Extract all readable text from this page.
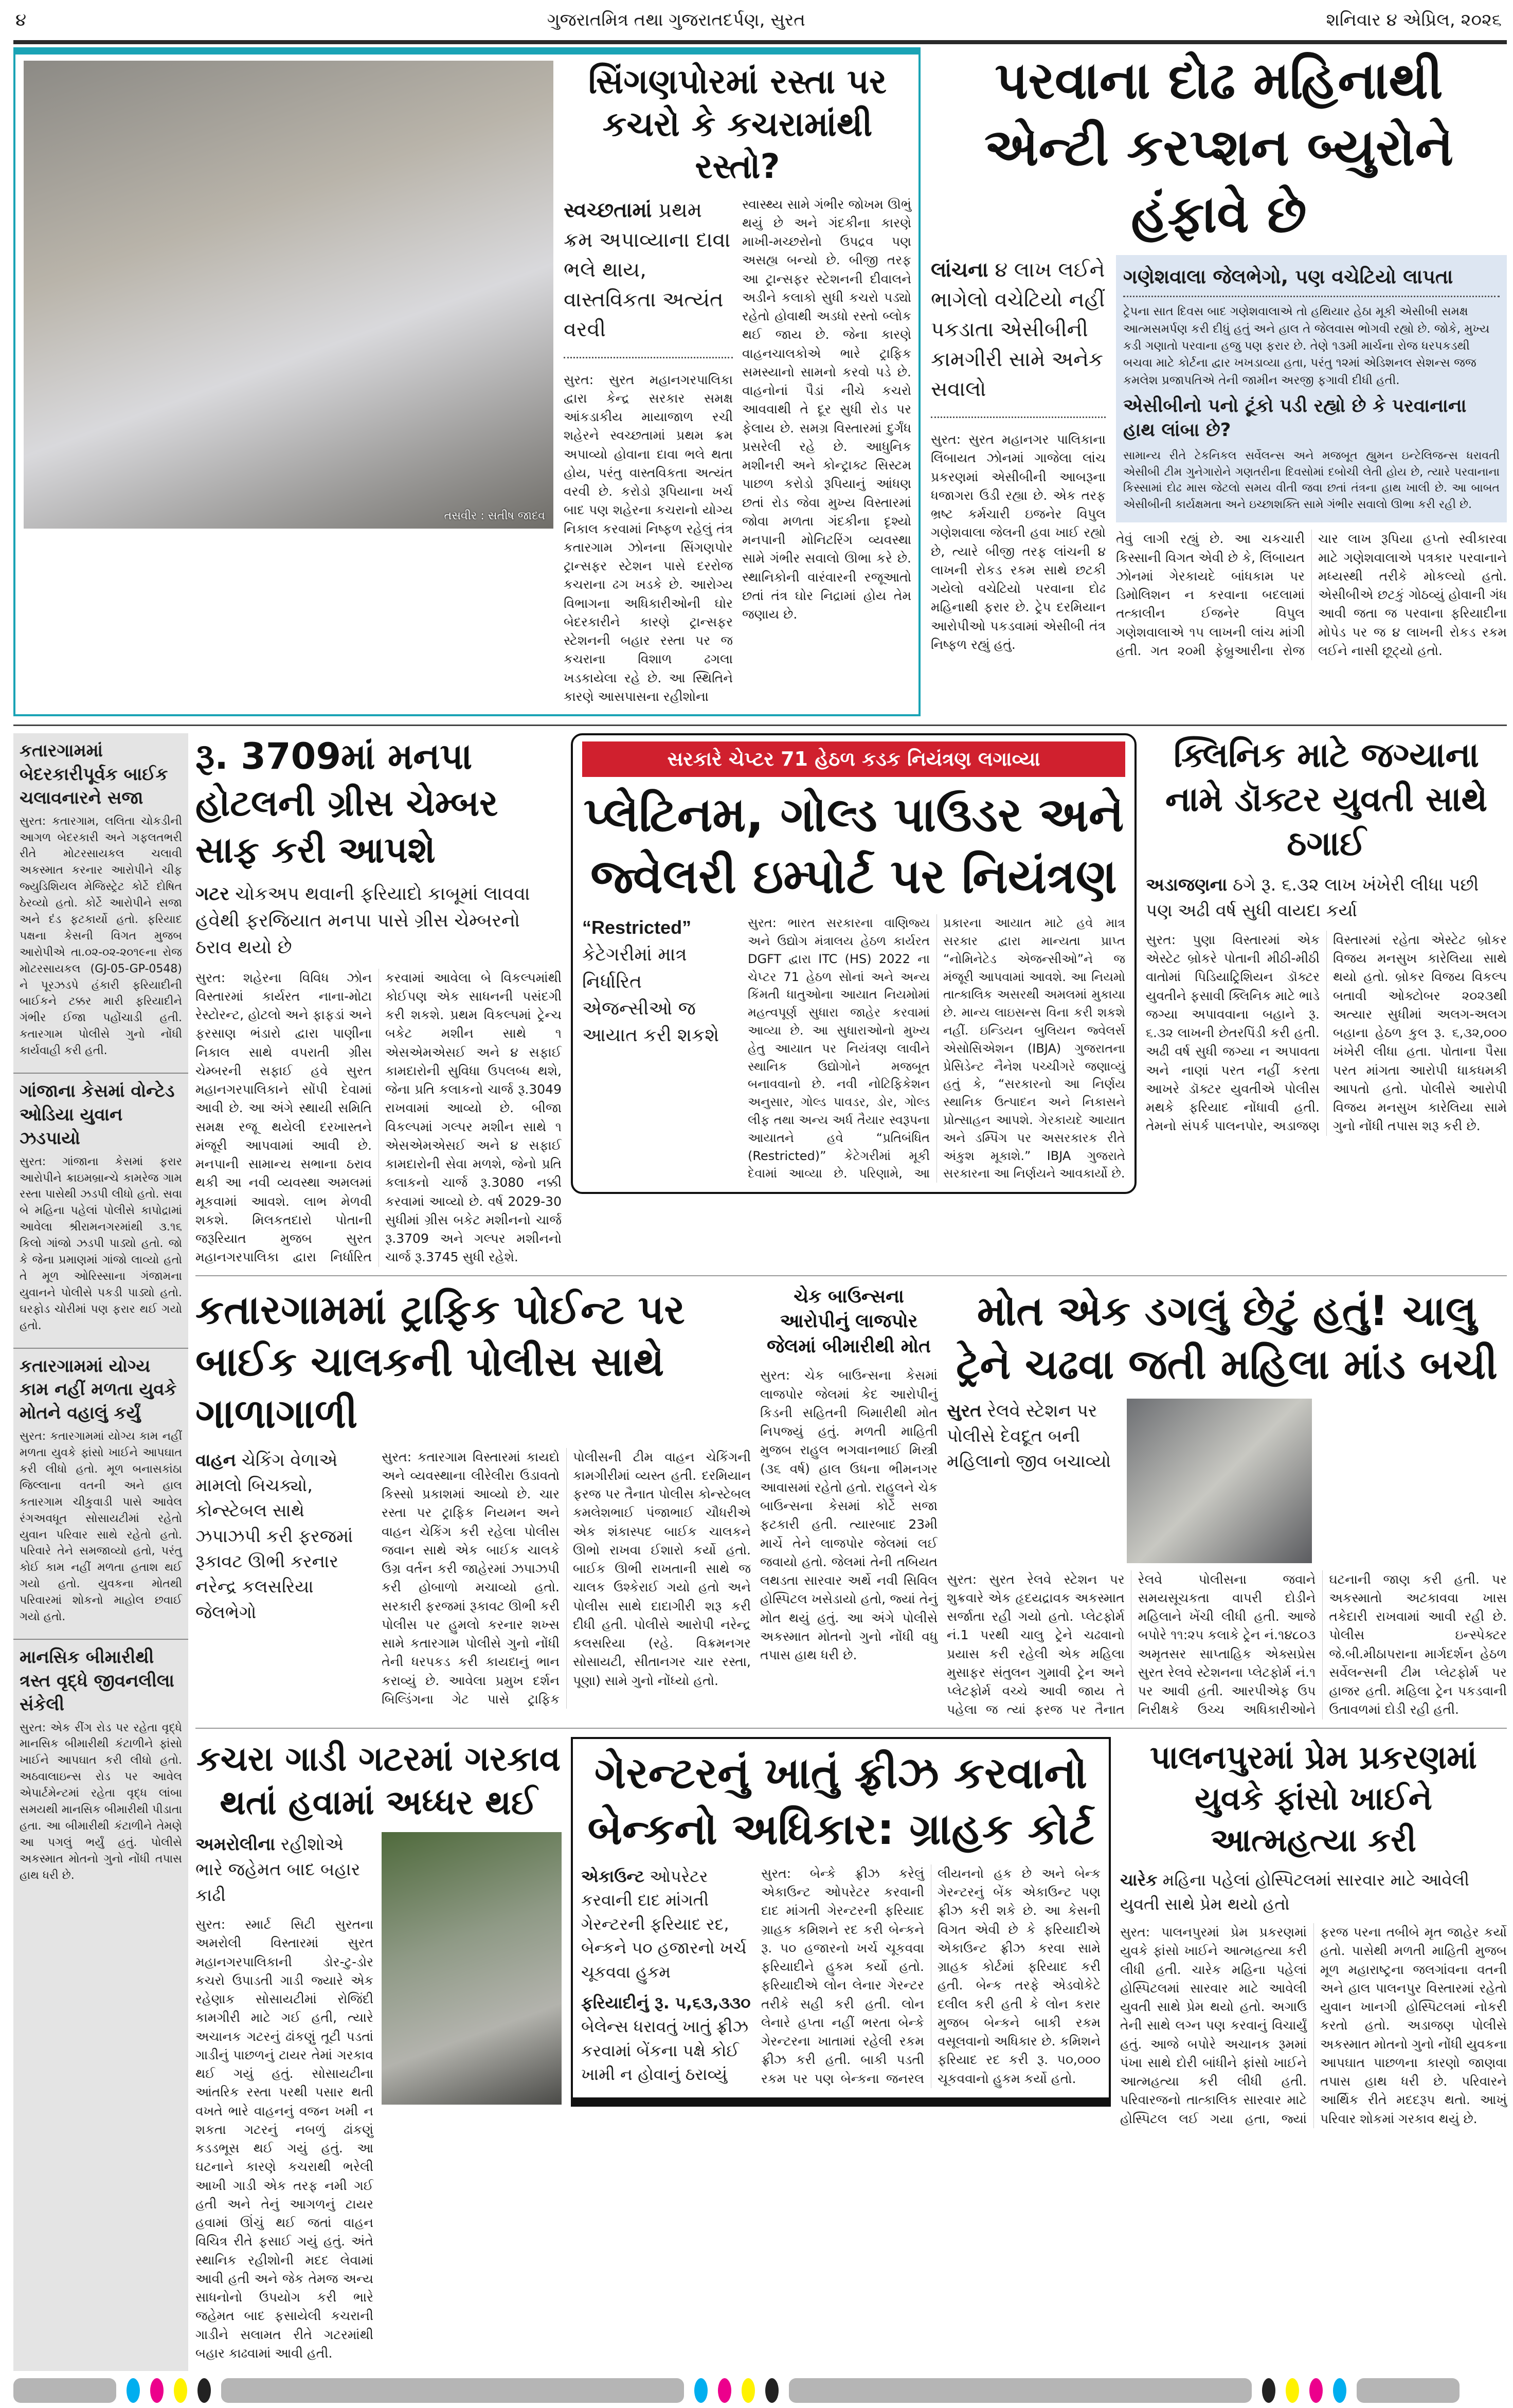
૪	ગુજરાતમિત્ર તથા ગુજરાતદર્પણ, સુરત	શનિવાર ૪ એપ્રિલ, ૨૦૨૬
તસવીર : સતીષ જાદવ
સિંગણપોરમાં રસ્તા પર કચરો કે કચરામાંથી રસ્તો?
સ્વચ્છતામાં પ્રથમ ક્રમ અપાવ્યાના દાવા ભલે થાય, વાસ્તવિકતા અત્યંત વરવી
સુરત: સુરત મહાનગરપાલિકા દ્વારા કેન્દ્ર સરકાર સમક્ષ આંકડાકીય માયાજાળ રચી શહેરને સ્વચ્છતામાં પ્રથમ ક્રમ અપાવ્યો હોવાના દાવા ભલે થતા હોય, પરંતુ વાસ્તવિકતા અત્યંત વરવી છે. કરોડો રૂપિયાના ખર્ચ બાદ પણ શહેરના કચરાનો યોગ્ય નિકાલ કરવામાં નિષ્ફળ રહેલું તંત્ર કતારગામ ઝોનના સિંગણપોર ટ્રાન્સફર સ્ટેશન પાસે દરરોજ કચરાના ઢગ ખડકે છે. આરોગ્ય વિભાગના અધિકારીઓની ઘોર બેદરકારીને કારણે ટ્રાન્સફર સ્ટેશનની બહાર રસ્તા પર જ કચરાના વિશાળ ઢગલા ખડકાયેલા રહે છે. આ સ્થિતિને કારણે આસપાસના રહીશોના
સ્વાસ્થ્ય સામે ગંભીર જોખમ ઊભું થયું છે અને ગંદકીના કારણે માખી-મચ્છરોનો ઉપદ્રવ પણ અસહ્ય બન્યો છે. બીજી તરફ આ ટ્રાન્સફર સ્ટેશનની દીવાલને અડીને કલાકો સુધી કચરો પડ્યો રહેતો હોવાથી અડધો રસ્તો બ્લોક થઈ જાય છે. જેના કારણે વાહનચાલકોએ ભારે ટ્રાફિક સમસ્યાનો સામનો કરવો પડે છે. વાહનોનાં પૈડાં નીચે કચરો આવવાથી તે દૂર સુધી રોડ પર ફેલાય છે. સમગ્ર વિસ્તારમાં દુર્ગંધ પ્રસરેલી રહે છે. આધુનિક મશીનરી અને કોન્ટ્રાક્ટ સિસ્ટમ પાછળ કરોડો રૂપિયાનું આંધણ છતાં રોડ જેવા મુખ્ય વિસ્તારમાં જોવા મળતા ગંદકીના દૃશ્યો મનપાની મોનિટરિંગ વ્યવસ્થા સામે ગંભીર સવાલો ઊભા કરે છે. સ્થાનિકોની વારંવારની રજૂઆતો છતાં તંત્ર ઘોર નિદ્રામાં હોય તેમ જણાય છે.
પરવાના દોઢ મહિનાથી એન્ટી કરપ્શન બ્યુરોને હંફાવે છે
લાંચના ૪ લાખ લઈને ભાગેલો વચેટિયો નહીં પકડાતા એસીબીની કામગીરી સામે અનેક સવાલો
સુરત: સુરત મહાનગર પાલિકાના લિંબાયત ઝોનમાં ગાજેલા લાંચ પ્રકરણમાં એસીબીની આબરૂના ધજાગરા ઉડી રહ્યા છે. એક તરફ ભ્રષ્ટ કર્મચારી ઇજનેર વિપુલ ગણેશવાલા જેલની હવા ખાઈ રહ્યો છે, ત્યારે બીજી તરફ લાંચની ૪ લાખની રોકડ રકમ સાથે છટકી ગયેલો વચેટિયો પરવાના દોઢ મહિનાથી ફરાર છે. ટ્રેપ દરમિયાન આરોપીઓ પકડવામાં એસીબી તંત્ર નિષ્ફળ રહ્યું હતું.
ગણેશવાલા જેલભેગો, પણ વચેટિયો લાપતા
ટ્રેપના સાત દિવસ બાદ ગણેશવાલાએ તો હથિયાર હેઠા મૂકી એસીબી સમક્ષ આત્મસમર્પણ કરી દીધું હતું અને હાલ તે જેલવાસ ભોગવી રહ્યો છે. જોકે, મુખ્ય કડી ગણાતો પરવાના હજુ પણ ફરાર છે. તેણે ૧૩મી માર્ચના રોજ ધરપકડથી બચવા માટે કોર્ટના દ્વાર ખખડાવ્યા હતા, પરંતુ ૧૨માં એડિશનલ સેશન્સ જજ કમલેશ પ્રજાપતિએ તેની જામીન અરજી ફગાવી દીધી હતી.
એસીબીનો પનો ટૂંકો પડી રહ્યો છે કે પરવાનાના હાથ લાંબા છે?
સામાન્ય રીતે ટેકનિકલ સર્વેલન્સ અને મજબૂત હ્યુમન ઇન્ટેલિજન્સ ધરાવતી એસીબી ટીમ ગુનેગારોને ગણતરીના દિવસોમાં દબોચી લેતી હોય છે, ત્યારે પરવાનાના કિસ્સામાં દોઢ માસ જેટલો સમય વીતી જવા છતાં તંત્રના હાથ ખાલી છે. આ બાબત એસીબીની કાર્યક્ષમતા અને ઇચ્છાશક્તિ સામે ગંભીર સવાલો ઊભા કરી રહી છે.
તેવું લાગી રહ્યું છે. આ ચકચારી કિસ્સાની વિગત એવી છે કે, લિંબાયત ઝોનમાં ગેરકાયદે બાંધકામ પર ડિમોલિશન ન કરવાના બદલામાં તત્કાલીન ઈજનેર વિપુલ ગણેશવાલાએ ૧૫ લાખની લાંચ માંગી હતી. ગત ૨૦મી ફેબ્રુઆરીના રોજ ચાર લાખ રૂપિયા હપ્તો સ્વીકારવા માટે ગણેશવાલાએ પત્રકાર પરવાનાને મધ્યસ્થી તરીકે મોકલ્યો હતો. એસીબીએ છટકું ગોઠવ્યું હોવાની ગંધ આવી જતા જ પરવાના ફરિયાદીના મોપેડ પર જ ૪ લાખની રોકડ રકમ લઈને નાસી છૂટ્યો હતો.
કતારગામમાં બેદરકારીપૂર્વક બાઈક ચલાવનારને સજા
સુરત: કતારગામ, લલિતા ચોકડીની આગળ બેદરકારી અને ગફલતભરી રીતે મોટરસાયકલ ચલાવી અકસ્માત કરનાર આરોપીને ચીફ જ્યુડિશિયલ મેજિસ્ટ્રેટ કોર્ટે દોષિત ઠેરવ્યો હતો. કોર્ટે આરોપીને સજા અને દંડ ફટકાર્યો હતો. ફરિયાદ પક્ષના કેસની વિગત મુજબ આરોપીએ તા.૦૨-૦૨-૨૦૧૯ના રોજ મોટરસાયકલ (GJ-05-GP-0548) ને પૂરઝડપે હંકારી ફરિયાદીની બાઈકને ટક્કર મારી ફરિયાદીને ગંભીર ઈજા પહોંચાડી હતી. કતારગામ પોલીસે ગુનો નોંધી કાર્યવાહી કરી હતી.
ગાંજાના કેસમાં વોન્ટેડ ઓડિયા યુવાન ઝડપાયો
સુરત: ગાંજાના કેસમાં ફરાર આરોપીને ક્રાઇમબ્રાન્ચે કામરેજ ગામ રસ્તા પાસેથી ઝડપી લીધો હતો. સવા બે મહિના પહેલાં પોલીસે કાપોદ્રામાં આવેલા શ્રીરામનગરમાંથી ૩.૧૬ કિલો ગાંજો ઝડપી પાડ્યો હતો. જો કે જેના પ્રમાણમાં ગાંજો લાવ્યો હતો તે મૂળ ઓરિસ્સાના ગંજામના યુવાનને પોલીસે પકડી પાડ્યો હતો. ઘરફોડ ચોરીમાં પણ ફરાર થઈ ગયો હતો.
કતારગામમાં યોગ્ય કામ નહીં મળતા યુવકે મોતને વહાલું કર્યું
સુરત: કતારગામમાં યોગ્ય કામ નહીં મળતા યુવકે ફાંસો ખાઈને આપઘાત કરી લીધો હતો. મૂળ બનાસકાંઠા જિલ્લાના વતની અને હાલ કતારગામ ચીકુવાડી પાસે આવેલ રંગઅવધૂત સોસાયટીમાં રહેતો યુવાન પરિવાર સાથે રહેતો હતો. પરિવારે તેને સમજાવ્યો હતો, પરંતુ કોઈ કામ નહીં મળતા હતાશ થઈ ગયો હતો. યુવકના મોતથી પરિવારમાં શોકનો માહોલ છવાઈ ગયો હતો.
માનસિક બીમારીથી ત્રસ્ત વૃદ્ધે જીવનલીલા સંકેલી
સુરત: એક રીંગ રોડ પર રહેતા વૃદ્ધે માનસિક બીમારીથી કંટાળીને ફાંસો ખાઈને આપઘાત કરી લીધો હતો. અઠવાલાઇન્સ રોડ પર આવેલ એપાર્ટમેન્ટમાં રહેતા વૃદ્ધ લાંબા સમયથી માનસિક બીમારીથી પીડાતા હતા. આ બીમારીથી કંટાળીને તેમણે આ પગલું ભર્યું હતું. પોલીસે અકસ્માત મોતનો ગુનો નોંધી તપાસ હાથ ધરી છે.
રૂ. 3709માં મનપા હોટલની ગ્રીસ ચેમ્બર સાફ કરી આપશે
ગટર ચોકઅપ થવાની ફરિયાદો કાબૂમાં લાવવા હવેથી ફરજિયાત મનપા પાસે ગ્રીસ ચેમ્બરનો ઠરાવ થયો છે
સુરત: શહેરના વિવિધ ઝોન વિસ્તારમાં કાર્યરત નાના-મોટા રેસ્ટોરન્ટ, હોટલો અને ફાફડાં અને ફરસાણ ભંડારો દ્વારા પાણીના નિકાલ સાથે વપરાતી ગ્રીસ ચેમ્બરની સફાઈ હવે સુરત મહાનગરપાલિકાને સોંપી દેવામાં આવી છે. આ અંગે સ્થાયી સમિતિ સમક્ષ રજૂ થયેલી દરખાસ્તને મંજૂરી આપવામાં આવી છે. મનપાની સામાન્ય સભાના ઠરાવ થકી આ નવી વ્યવસ્થા અમલમાં મૂકવામાં આવશે. લાભ મેળવી શકશે. મિલકતદારો પોતાની જરૂરિયાત મુજબ સુરત મહાનગરપાલિકા દ્વારા નિર્ધારિત કરવામાં આવેલા બે વિકલ્પમાંથી કોઈપણ એક સાધનની પસંદગી કરી શકશે. પ્રથમ વિકલ્પમાં ટ્રેન્ચ બકેટ મશીન સાથે ૧ એસએમએસઈ અને ૪ સફાઈ કામદારોની સુવિધા ઉપલબ્ધ થશે, જેના પ્રતિ કલાકનો ચાર્જ રૂ.3049 રાખવામાં આવ્યો છે. બીજા વિકલ્પમાં ગલ્પર મશીન સાથે ૧ એસએમએસઈ અને ૪ સફાઈ કામદારોની સેવા મળશે, જેનો પ્રતિ કલાકનો ચાર્જ રૂ.3080 નક્કી કરવામાં આવ્યો છે. વર્ષ 2029-30 સુધીમાં ગ્રીસ બકેટ મશીનનો ચાર્જ રૂ.3709 અને ગલ્પર મશીનનો ચાર્જ રૂ.3745 સુધી રહેશે.
સરકારે ચેપ્ટર 71 હેઠળ કડક નિયંત્રણ લગાવ્યા
પ્લેટિનમ, ગોલ્ડ પાઉડર અને જ્વેલરી ઇમ્પોર્ટ પર નિયંત્રણ
“Restricted”
કેટેગરીમાં માત્ર નિર્ધારિત એજન્સીઓ જ આયાત કરી શકશે
સુરત: ભારત સરકારના વાણિજ્ય અને ઉદ્યોગ મંત્રાલય હેઠળ કાર્યરત DGFT દ્વારા ITC (HS) 2022 ના ચેપ્ટર 71 હેઠળ સોનાં અને અન્ય કિંમતી ધાતુઓના આયાત નિયમોમાં મહત્વપૂર્ણ સુધારા જાહેર કરવામાં આવ્યા છે. આ સુધારાઓનો મુખ્ય હેતુ આયાત પર નિયંત્રણ લાવીને સ્થાનિક ઉદ્યોગોને મજબૂત બનાવવાનો છે. નવી નોટિફિકેશન અનુસાર, ગોલ્ડ પાવડર, ડોર, ગોલ્ડ લીફ તથા અન્ય અર્ધ તૈયાર સ્વરૂપના આયાતને હવે “પ્રતિબંધિત (Restricted)” કેટેગરીમાં મૂકી દેવામાં આવ્યા છે. પરિણામે, આ પ્રકારના આયાત માટે હવે માત્ર સરકાર દ્વારા માન્યતા પ્રાપ્ત “નોમિનેટેડ એજન્સીઓ”ને જ મંજૂરી આપવામાં આવશે. આ નિયમો તાત્કાલિક અસરથી અમલમાં મુકાયા છે. માન્ય લાઇસન્સ વિના કરી શકશે નહીં. ઇન્ડિયન બુલિયન જ્વેલર્સ એસોસિએશન (IBJA) ગુજરાતના પ્રેસિડેન્ટ નૈનેશ પચ્ચીગરે જણાવ્યું હતું કે, “સરકારનો આ નિર્ણય સ્થાનિક ઉત્પાદન અને નિકાસને પ્રોત્સાહન આપશે. ગેરકાયદે આયાત અને ડમ્પિંગ પર અસરકારક રીતે અંકુશ મૂકાશે.” IBJA ગુજરાતે સરકારના આ નિર્ણયને આવકાર્યો છે.
ક્લિનિક માટે જગ્યાના નામે ડૉક્ટર યુવતી સાથે ઠગાઈ
અડાજણના ઠગે રૂ. ૬.૩૨ લાખ ખંખેરી લીધા પછી પણ અઢી વર્ષ સુધી વાયદા કર્યા
સુરત: પુણા વિસ્તારમાં એક એસ્ટેટ બ્રોકરે પોતાની મીઠી-મીઠી વાતોમાં પિડિયાટ્રિશિયન ડૉક્ટર યુવતીને ફસાવી ક્લિનિક માટે ભાડે જગ્યા અપાવવાના બહાને રૂ. ૬.૩૨ લાખની છેતરપિંડી કરી હતી. અઢી વર્ષ સુધી જગ્યા ન અપાવતા અને નાણાં પરત નહીં કરતા આખરે ડૉક્ટર યુવતીએ પોલીસ મથકે ફરિયાદ નોંધાવી હતી. તેમનો સંપર્ક પાલનપોર, અડાજણ વિસ્તારમાં રહેતા એસ્ટેટ બ્રોકર વિજય મનસુખ કારેલિયા સાથે થયો હતો. બ્રોકર વિજય વિકલ્પ બતાવી ઓક્ટોબર ૨૦૨૩થી અત્યાર સુધીમાં અલગ-અલગ બહાના હેઠળ કુલ રૂ. ૬,૩૨,૦૦૦ ખંખેરી લીધા હતા. પોતાના પૈસા પરત માંગતા આરોપી ધાકધમકી આપતો હતો. પોલીસે આરોપી વિજય મનસુખ કારેલિયા સામે ગુનો નોંધી તપાસ શરૂ કરી છે.
કતારગામમાં ટ્રાફિક પોઈન્ટ પર બાઈક ચાલકની પોલીસ સાથે ગાળાગાળી
વાહન ચેકિંગ વેળાએ મામલો બિચક્યો, કોન્સ્ટેબલ સાથે ઝપાઝપી કરી ફરજમાં રૂકાવટ ઊભી કરનાર નરેન્દ્ર કલસરિયા જેલભેગો
સુરત: કતારગામ વિસ્તારમાં કાયદો અને વ્યવસ્થાના લીરેલીરા ઉડાવતો કિસ્સો પ્રકાશમાં આવ્યો છે. ચાર રસ્તા પર ટ્રાફિક નિયમન અને વાહન ચેકિંગ કરી રહેલા પોલીસ જવાન સાથે એક બાઈક ચાલકે ઉગ્ર વર્તન કરી જાહેરમાં ઝપાઝપી કરી હોબાળો મચાવ્યો હતો. સરકારી ફરજમાં રૂકાવટ ઊભી કરી પોલીસ પર હુમલો કરનાર શખ્સ સામે કતારગામ પોલીસે ગુનો નોંધી તેની ધરપકડ કરી કાયદાનું ભાન કરાવ્યું છે. આવેલા પ્રમુખ દર્શન બિલ્ડિંગના ગેટ પાસે ટ્રાફિક પોલીસની ટીમ વાહન ચેકિંગની કામગીરીમાં વ્યસ્ત હતી. દરમિયાન ફરજ પર તૈનાત પોલીસ કોન્સ્ટેબલ કમલેશભાઈ પંજાભાઈ ચૌધરીએ એક શંકાસ્પદ બાઈક ચાલકને ઊભો રાખવા ઈશારો કર્યો હતો. બાઈક ઊભી રાખતાની સાથે જ ચાલક ઉશ્કેરાઈ ગયો હતો અને પોલીસ સાથે દાદાગીરી શરૂ કરી દીધી હતી. પોલીસે આરોપી નરેન્દ્ર કલસરિયા (રહે. વિક્રમનગર સોસાયટી, સીતાનગર ચાર રસ્તા, પૂણા) સામે ગુનો નોંધ્યો હતો.
ચેક બાઉન્સના આરોપીનું લાજપોર જેલમાં બીમારીથી મોત
સુરત: ચેક બાઉન્સના કેસમાં લાજપોર જેલમાં કેદ આરોપીનું કિડની સહિતની બિમારીથી મોત નિપજ્યું હતું. મળતી માહિતી મુજબ રાહુલ ભગવાનભાઈ મિસ્ત્રી (૩૬ વર્ષ) હાલ ઉધના ભીમનગર આવાસમાં રહેતો હતો. રાહુલને ચેક બાઉન્સના કેસમાં કોર્ટે સજા ફટકારી હતી. ત્યારબાદ 23મી માર્ચે તેને લાજપોર જેલમાં લઈ જવાયો હતો. જેલમાં તેની તબિયત લથડતા સારવાર અર્થે નવી સિવિલ હોસ્પિટલ ખસેડાયો હતો, જ્યાં તેનું મોત થયું હતું. આ અંગે પોલીસે અકસ્માત મોતનો ગુનો નોંધી વધુ તપાસ હાથ ધરી છે.
મોત એક ડગલું છેટું હતું! ચાલુ ટ્રેને ચઢવા જતી મહિલા માંડ બચી
સુરત રેલવે સ્ટેશન પર પોલીસે દેવદૂત બની મહિલાનો જીવ બચાવ્યો
સુરત: સુરત રેલવે સ્ટેશન પર શુક્રવારે એક હૃદયદ્રાવક અકસ્માત સર્જાતા રહી ગયો હતો. પ્લેટફોર્મ નં.1 પરથી ચાલુ ટ્રેને ચઢવાનો પ્રયાસ કરી રહેલી એક મહિલા મુસાફર સંતુલન ગુમાવી ટ્રેન અને પ્લેટફોર્મ વચ્ચે આવી જાય તે પહેલા જ ત્યાં ફરજ પર તૈનાત રેલવે પોલીસના જવાને સમયસૂચકતા વાપરી દોડીને મહિલાને ખેંચી લીધી હતી. આજે બપોરે ૧૧:૨૫ કલાકે ટ્રેન નં.૧૪૮૦૩ અમૃતસર સાપ્તાહિક એક્સપ્રેસ સુરત રેલવે સ્ટેશનના પ્લેટફોર્મ નં.૧ પર આવી હતી. આરપીએફ ઉપ નિરીક્ષકે ઉચ્ચ અધિકારીઓને ઘટનાની જાણ કરી હતી. પર અકસ્માતો અટકાવવા ખાસ તકેદારી રાખવામાં આવી રહી છે. પોલીસ ઇન્સ્પેક્ટર જે.બી.મીઠાપરાના માર્ગદર્શન હેઠળ સર્વેલન્સની ટીમ પ્લેટફોર્મ પર હાજર હતી. મહિલા ટ્રેન પકડવાની ઉતાવળમાં દોડી રહી હતી.
કચરા ગાડી ગટરમાં ગરકાવ થતાં હવામાં અધ્ધર થઈ
અમરોલીના રહીશોએ ભારે જહેમત બાદ બહાર કાઢી
સુરત: સ્માર્ટ સિટી સુરતના અમરોલી વિસ્તારમાં સુરત મહાનગરપાલિકાની ડોર-ટુ-ડોર કચરો ઉપાડતી ગાડી જ્યારે એક રહેણાક સોસાયટીમાં રોજિંદી કામગીરી માટે ગઈ હતી, ત્યારે અચાનક ગટરનું ઢાંકણું તૂટી પડતાં ગાડીનું પાછળનું ટાયર તેમાં ગરકાવ થઈ ગયું હતું. સોસાયટીના આંતરિક રસ્તા પરથી પસાર થતી વખતે ભારે વાહનનું વજન ખમી ન શકતા ગટરનું નબળું ઢાંકણું કડડભૂસ થઈ ગયું હતું. આ ઘટનાને કારણે કચરાથી ભરેલી આખી ગાડી એક તરફ નમી ગઈ હતી અને તેનું આગળનું ટાયર હવામાં ઊંચું થઈ જતાં વાહન વિચિત્ર રીતે ફસાઈ ગયું હતું. અંતે સ્થાનિક રહીશોની મદદ લેવામાં આવી હતી અને જેક તેમજ અન્ય સાધનોનો ઉપયોગ કરી ભારે જહેમત બાદ ફસાયેલી કચરાની ગાડીને સલામત રીતે ગટરમાંથી બહાર કાઢવામાં આવી હતી.
ગેરન્ટરનું ખાતું ફ્રીઝ કરવાનો બેન્કનો અધિકાર: ગ્રાહક કોર્ટ
એકાઉન્ટ ઓપરેટર કરવાની દાદ માંગતી ગેરન્ટરની ફરિયાદ રદ, બેન્કને ૫૦ હજારનો ખર્ચ ચૂકવવા હુકમ
ફરિયાદીનું રૂ. ૫,૬૩,૩૩૦ બેલેન્સ ધરાવતું ખાતું ફ્રીઝ કરવામાં બેંકના પક્ષે કોઈ ખામી ન હોવાનું ઠરાવ્યું
સુરત: બેન્કે ફ્રીઝ કરેલું એકાઉન્ટ ઓપરેટર કરવાની દાદ માંગતી ગેરન્ટરની ફરિયાદ ગ્રાહક કમિશને રદ કરી બેન્કને રૂ. ૫૦ હજારનો ખર્ચ ચૂકવવા ફરિયાદીને હુકમ કર્યો હતો. ફરિયાદીએ લોન લેનાર ગેરન્ટર તરીકે સહી કરી હતી. લોન લેનારે હપ્તા નહીં ભરતા બેન્કે ગેરન્ટરના ખાતામાં રહેલી રકમ ફ્રીઝ કરી હતી. બાકી પડતી રકમ પર પણ બેન્કના જનરલ લીયનનો હક છે અને બેન્ક ગેરન્ટરનું બેંક એકાઉન્ટ પણ ફ્રીઝ કરી શકે છે. આ કેસની વિગત એવી છે કે ફરિયાદીએ એકાઉન્ટ ફ્રીઝ કરવા સામે ગ્રાહક કોર્ટમાં ફરિયાદ કરી હતી. બેન્ક તરફે એડવોકેટે દલીલ કરી હતી કે લોન કરાર મુજબ બેન્કને બાકી રકમ વસૂલવાનો અધિકાર છે. કમિશને ફરિયાદ રદ કરી રૂ. ૫૦,૦૦૦ ચૂકવવાનો હુકમ કર્યો હતો.
પાલનપુરમાં પ્રેમ પ્રકરણમાં યુવકે ફાંસો ખાઈને આત્મહત્યા કરી
ચારેક મહિના પહેલાં હોસ્પિટલમાં સારવાર માટે આવેલી યુવતી સાથે પ્રેમ થયો હતો
સુરત: પાલનપુરમાં પ્રેમ પ્રકરણમાં યુવકે ફાંસો ખાઈને આત્મહત્યા કરી લીધી હતી. ચારેક મહિના પહેલાં હોસ્પિટલમાં સારવાર માટે આવેલી યુવતી સાથે પ્રેમ થયો હતો. અગાઉ તેની સાથે લગ્ન પણ કરવાનું વિચાર્યું હતું. આજે બપોરે અચાનક રૂમમાં પંખા સાથે દોરી બાંધીને ફાંસો ખાઈને આત્મહત્યા કરી લીધી હતી. પરિવારજનો તાત્કાલિક સારવાર માટે હોસ્પિટલ લઈ ગયા હતા, જ્યાં ફરજ પરના તબીબે મૃત જાહેર કર્યો હતો. પાસેથી મળતી માહિતી મુજબ મૂળ મહારાષ્ટ્રના જલગાંવના વતની અને હાલ પાલનપુર વિસ્તારમાં રહેતો યુવાન ખાનગી હોસ્પિટલમાં નોકરી કરતો હતો. અડાજણ પોલીસે અકસ્માત મોતનો ગુનો નોંધી યુવકના આપઘાત પાછળના કારણો જાણવા તપાસ હાથ ધરી છે. પરિવારને આર્થિક રીતે મદદરૂપ થતો. આખું પરિવાર શોકમાં ગરકાવ થયું છે.
